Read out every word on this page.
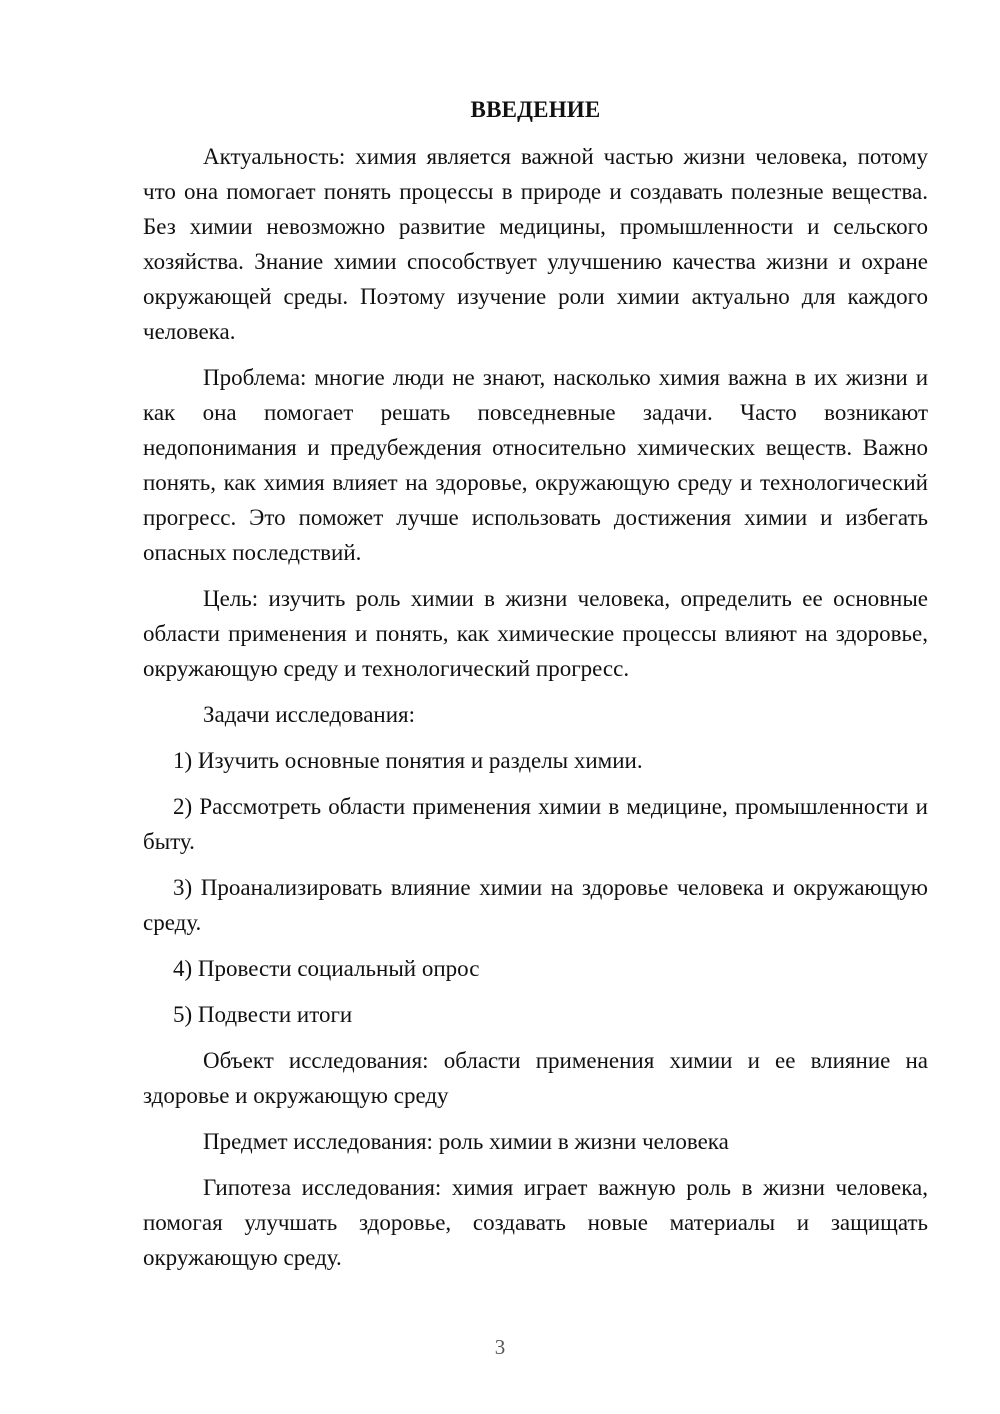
ВВЕДЕНИЕ

Актуальность: химия является важной частью жизни человека, потому что она помогает понять процессы в природе и создавать полезные вещества. Без химии невозможно развитие медицины, промышленности и сельского хозяйства. Знание химии способствует улучшению качества жизни и охране окружающей среды. Поэтому изучение роли химии актуально для каждого человека.

Проблема: многие люди не знают, насколько химия важна в их жизни и как она помогает решать повседневные задачи. Часто возникают недопонимания и предубеждения относительно химических веществ. Важно понять, как химия влияет на здоровье, окружающую среду и технологический прогресс. Это поможет лучше использовать достижения химии и избегать опасных последствий.

Цель: изучить роль химии в жизни человека, определить ее основные области применения и понять, как химические процессы влияют на здоровье, окружающую среду и технологический прогресс.

Задачи исследования:

1) Изучить основные понятия и разделы химии.

2) Рассмотреть области применения химии в медицине, промышленности и быту.

3) Проанализировать влияние химии на здоровье человека и окружающую среду.

4) Провести социальный опрос

5) Подвести итоги

Объект исследования: области применения химии и ее влияние на здоровье и окружающую среду

Предмет исследования: роль химии в жизни человека

Гипотеза исследования: химия играет важную роль в жизни человека, помогая улучшать здоровье, создавать новые материалы и защищать окружающую среду.

3
